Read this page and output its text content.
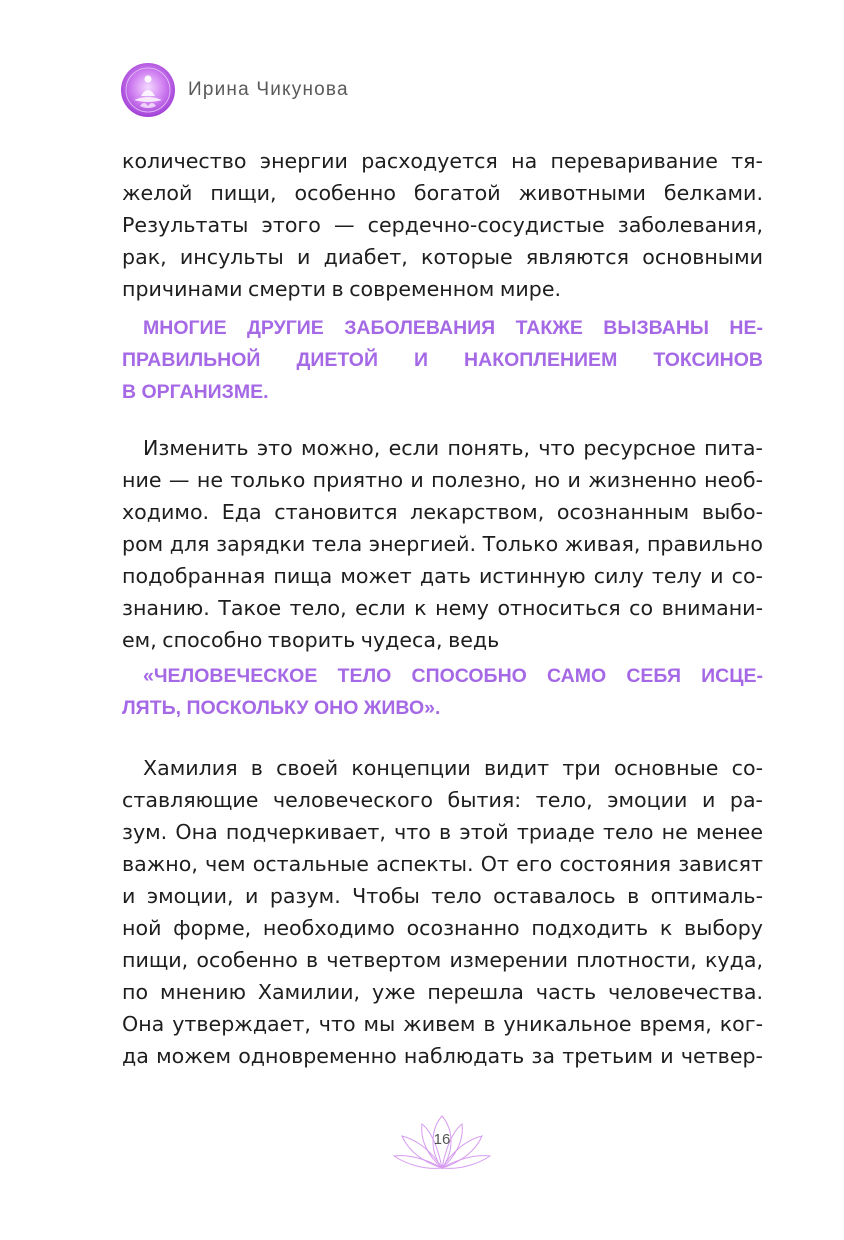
Ирина Чикунова
количество энергии расходуется на переваривание тя-
желой пищи, особенно богатой животными белками.
Результаты этого — сердечно-сосудистые заболевания,
рак, инсульты и диабет, которые являются основными
причинами смерти в современном мире.
МНОГИЕ ДРУГИЕ ЗАБОЛЕВАНИЯ ТАКЖЕ ВЫЗВАНЫ НЕ-
ПРАВИЛЬНОЙ ДИЕТОЙ И НАКОПЛЕНИЕМ ТОКСИНОВ
В ОРГАНИЗМЕ.
Изменить это можно, если понять, что ресурсное пита-
ние — не только приятно и полезно, но и жизненно необ-
ходимо. Еда становится лекарством, осознанным выбо-
ром для зарядки тела энергией. Только живая, правильно
подобранная пища может дать истинную силу телу и со-
знанию. Такое тело, если к нему относиться со внимани-
ем, способно творить чудеса, ведь
«ЧЕЛОВЕЧЕСКОЕ ТЕЛО СПОСОБНО САМО СЕБЯ ИСЦЕ-
ЛЯТЬ, ПОСКОЛЬКУ ОНО ЖИВО».
Хамилия в своей концепции видит три основные со-
ставляющие человеческого бытия: тело, эмоции и ра-
зум. Она подчеркивает, что в этой триаде тело не менее
важно, чем остальные аспекты. От его состояния зависят
и эмоции, и разум. Чтобы тело оставалось в оптималь-
ной форме, необходимо осознанно подходить к выбору
пищи, особенно в четвертом измерении плотности, куда,
по мнению Хамилии, уже перешла часть человечества.
Она утверждает, что мы живем в уникальное время, ког-
да можем одновременно наблюдать за третьим и четвер-
16
